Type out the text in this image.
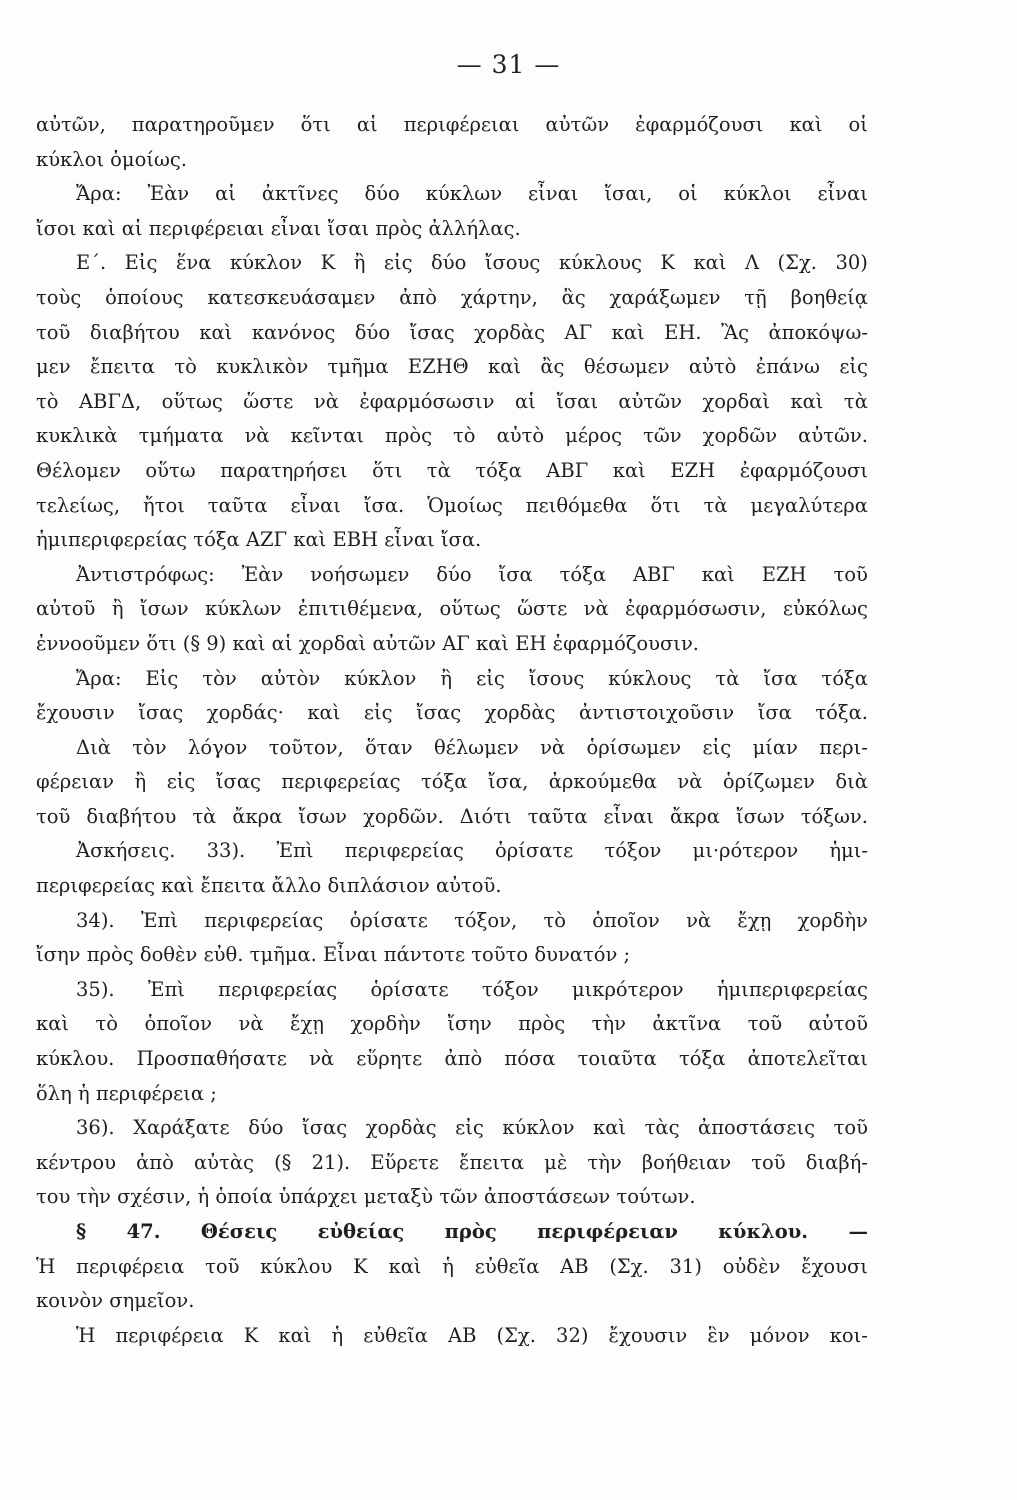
— 31 —
αὐτῶν, παρατηροῦμεν ὅτι αἱ περιφέρειαι αὐτῶν ἐφαρμόζουσι καὶ οἱ
κύκλοι ὁμοίως.
Ἄρα: Ἐὰν αἱ ἀκτῖνες δύο κύκλων εἶναι ἴσαι, οἱ κύκλοι εἶναι
ἴσοι καὶ αἱ περιφέρειαι εἶναι ἴσαι πρὸς ἀλλήλας.
Ε΄. Εἰς ἕνα κύκλον Κ ἢ εἰς δύο ἴσους κύκλους Κ καὶ Λ (Σχ. 30)
τοὺς ὁποίους κατεσκευάσαμεν ἀπὸ χάρτην, ἂς χαράξωμεν τῇ βοηθείᾳ
τοῦ διαβήτου καὶ κανόνος δύο ἴσας χορδὰς ΑΓ καὶ ΕΗ. Ἂς ἀποκόψω-
μεν ἔπειτα τὸ κυκλικὸν τμῆμα ΕΖΗΘ καὶ ἂς θέσωμεν αὐτὸ ἐπάνω εἰς
τὸ ΑΒΓΔ, οὕτως ὥστε νὰ ἐφαρμόσωσιν αἱ ἴσαι αὐτῶν χορδαὶ καὶ τὰ
κυκλικὰ τμήματα νὰ κεῖνται πρὸς τὸ αὐτὸ μέρος τῶν χορδῶν αὐτῶν.
Θέλομεν οὕτω παρατηρήσει ὅτι τὰ τόξα ΑΒΓ καὶ ΕΖΗ ἐφαρμόζουσι
τελείως, ἤτοι ταῦτα εἶναι ἴσα. Ὁμοίως πειθόμεθα ὅτι τὰ μεγαλύτερα
ἡμιπεριφερείας τόξα ΑΖΓ καὶ ΕΒΗ εἶναι ἴσα.
Ἀντιστρόφως: Ἐὰν νοήσωμεν δύο ἴσα τόξα ΑΒΓ καὶ ΕΖΗ τοῦ
αὐτοῦ ἢ ἴσων κύκλων ἐπιτιθέμενα, οὕτως ὥστε νὰ ἐφαρμόσωσιν, εὐκόλως
ἐννοοῦμεν ὅτι (§ 9) καὶ αἱ χορδαὶ αὐτῶν ΑΓ καὶ ΕΗ ἐφαρμόζουσιν.
Ἄρα: Εἰς τὸν αὐτὸν κύκλον ἢ εἰς ἴσους κύκλους τὰ ἴσα τόξα
ἔχουσιν ἴσας χορδάς· καὶ εἰς ἴσας χορδὰς ἀντιστοιχοῦσιν ἴσα τόξα.
Διὰ τὸν λόγον τοῦτον, ὅταν θέλωμεν νὰ ὁρίσωμεν εἰς μίαν περι-
φέρειαν ἢ εἰς ἴσας περιφερείας τόξα ἴσα, ἀρκούμεθα νὰ ὁρίζωμεν διὰ
τοῦ διαβήτου τὰ ἄκρα ἴσων χορδῶν. Διότι ταῦτα εἶναι ἄκρα ἴσων τόξων.
Ἀσκήσεις. 33). Ἐπὶ περιφερείας ὁρίσατε τόξον μι·ρότερον ἡμι-
περιφερείας καὶ ἔπειτα ἄλλο διπλάσιον αὐτοῦ.
34). Ἐπὶ περιφερείας ὁρίσατε τόξον, τὸ ὁποῖον νὰ ἔχῃ χορδὴν
ἴσην πρὸς δοθὲν εὐθ. τμῆμα. Εἶναι πάντοτε τοῦτο δυνατόν ;
35). Ἐπὶ περιφερείας ὁρίσατε τόξον μικρότερον ἡμιπεριφερείας
καὶ τὸ ὁποῖον νὰ ἔχῃ χορδὴν ἴσην πρὸς τὴν ἀκτῖνα τοῦ αὐτοῦ
κύκλου. Προσπαθήσατε νὰ εὕρητε ἀπὸ πόσα τοιαῦτα τόξα ἀποτελεῖται
ὅλη ἡ περιφέρεια ;
36). Χαράξατε δύο ἴσας χορδὰς εἰς κύκλον καὶ τὰς ἀποστάσεις τοῦ
κέντρου ἀπὸ αὐτὰς (§ 21). Εὕρετε ἔπειτα μὲ τὴν βοήθειαν τοῦ διαβή-
του τὴν σχέσιν, ἡ ὁποία ὑπάρχει μεταξὺ τῶν ἀποστάσεων τούτων.
§ 47. Θέσεις εὐθείας πρὸς περιφέρειαν κύκλου. —
Ἡ περιφέρεια τοῦ κύκλου Κ καὶ ἡ εὐθεῖα ΑΒ (Σχ. 31) οὐδὲν ἔχουσι
κοινὸν σημεῖον.
Ἡ περιφέρεια Κ καὶ ἡ εὐθεῖα ΑΒ (Σχ. 32) ἔχουσιν ἓν μόνον κοι-
